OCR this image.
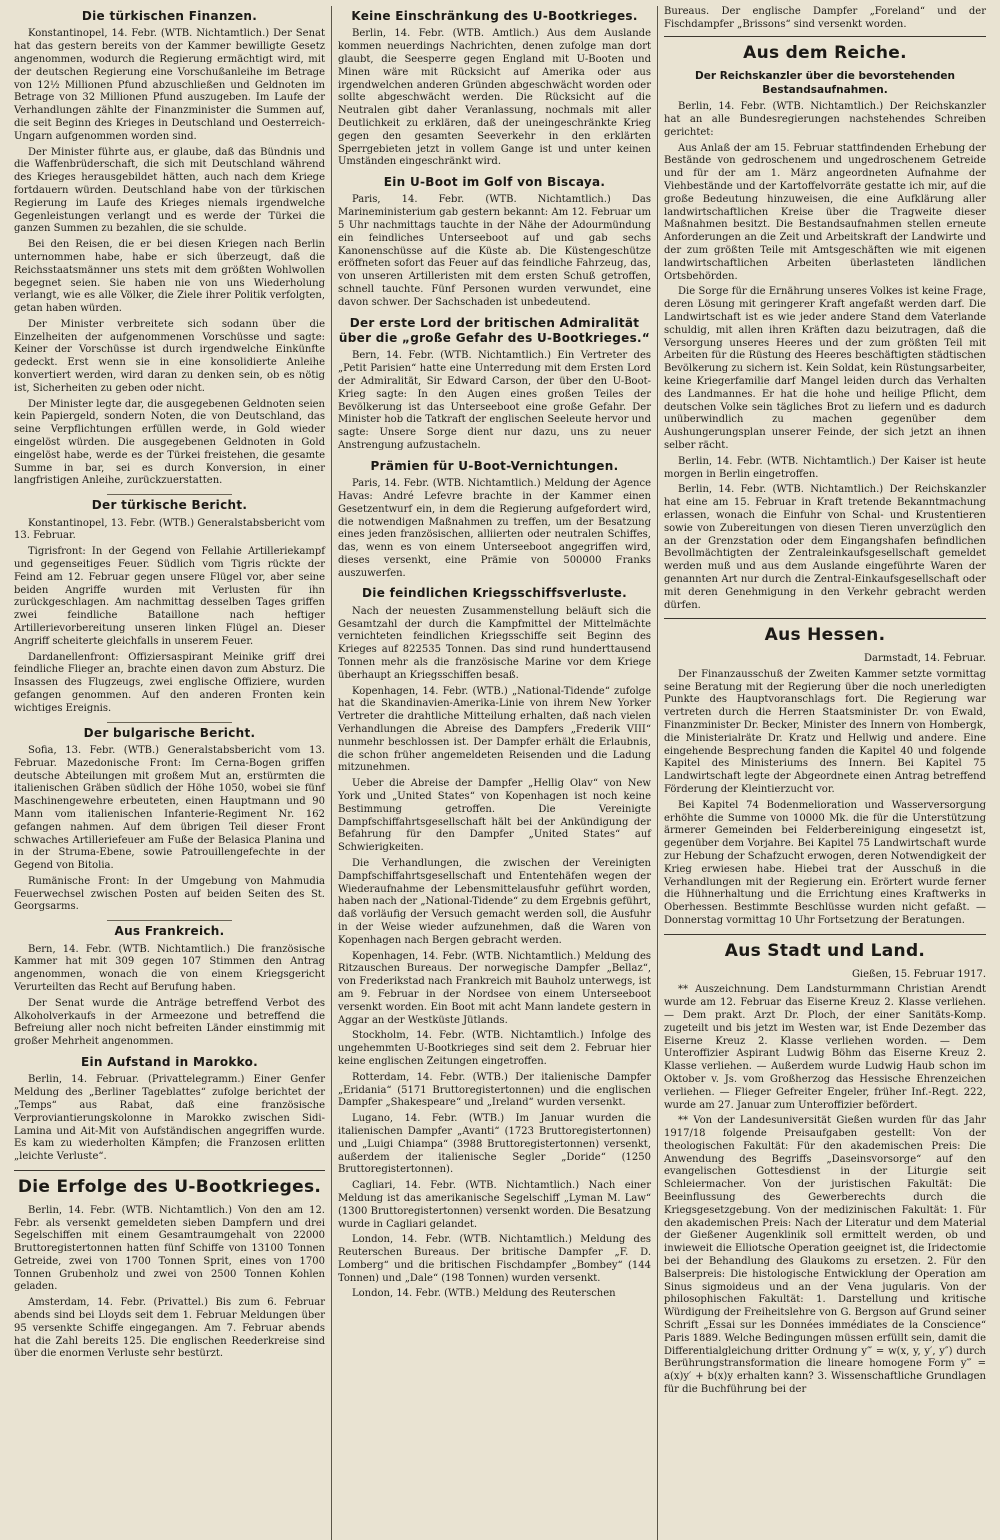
Die türkischen Finanzen.

Konstantinopel, 14. Febr. (WTB. Nichtamtlich.) Der Senat hat das gestern bereits von der Kammer bewilligte Gesetz angenommen, wodurch die Regierung ermächtigt wird, mit der deutschen Regierung eine Vorschußanleihe im Betrage von 12½ Millionen Pfund abzuschließen und Geldnoten im Betrage von 32 Millionen Pfund auszugeben. Im Laufe der Verhandlungen zählte der Finanzminister die Summen auf, die seit Beginn des Krieges in Deutschland und Oesterreich-Ungarn aufgenommen worden sind.

Der Minister führte aus, er glaube, daß das Bündnis und die Waffenbrüderschaft, die sich mit Deutschland während des Krieges herausgebildet hätten, auch nach dem Kriege fortdauern würden. Deutschland habe von der türkischen Regierung im Laufe des Krieges niemals irgendwelche Gegenleistungen verlangt und es werde der Türkei die ganzen Summen zu bezahlen, die sie schulde.

Bei den Reisen, die er bei diesen Kriegen nach Berlin unternommen habe, habe er sich überzeugt, daß die Reichsstaatsmänner uns stets mit dem größten Wohlwollen begegnet seien. Sie haben nie von uns Wiederholung verlangt, wie es alle Völker, die Ziele ihrer Politik verfolgten, getan haben würden.

Der Minister verbreitete sich sodann über die Einzelheiten der aufgenommenen Vorschüsse und sagte: Keiner der Vorschüsse ist durch irgendwelche Einkünfte gedeckt. Erst wenn sie in eine konsolidierte Anleihe konvertiert werden, wird daran zu denken sein, ob es nötig ist, Sicherheiten zu geben oder nicht.

Der Minister legte dar, die ausgegebenen Geldnoten seien kein Papiergeld, sondern Noten, die von Deutschland, das seine Verpflichtungen erfüllen werde, in Gold wieder eingelöst würden. Die ausgegebenen Geldnoten in Gold eingelöst habe, werde es der Türkei freistehen, die gesamte Summe in bar, sei es durch Konversion, in einer langfristigen Anleihe, zurückzuerstatten.

Der türkische Bericht.

Konstantinopel, 13. Febr. (WTB.) Generalstabsbericht vom 13. Februar.

Tigrisfront: In der Gegend von Fellahie Artilleriekampf und gegenseitiges Feuer. Südlich vom Tigris rückte der Feind am 12. Februar gegen unsere Flügel vor, aber seine beiden Angriffe wurden mit Verlusten für ihn zurückgeschlagen. Am nachmittag desselben Tages griffen zwei feindliche Bataillone nach heftiger Artillerievorbereitung unseren linken Flügel an. Dieser Angriff scheiterte gleichfalls in unserem Feuer.

Dardanellenfront: Offiziersaspirant Meinike griff drei feindliche Flieger an, brachte einen davon zum Absturz. Die Insassen des Flugzeugs, zwei englische Offiziere, wurden gefangen genommen. Auf den anderen Fronten kein wichtiges Ereignis.

Der bulgarische Bericht.

Sofia, 13. Febr. (WTB.) Generalstabsbericht vom 13. Februar. Mazedonische Front: Im Cerna-Bogen griffen deutsche Abteilungen mit großem Mut an, erstürmten die italienischen Gräben südlich der Höhe 1050, wobei sie fünf Maschinengewehre erbeuteten, einen Hauptmann und 90 Mann vom italienischen Infanterie-Regiment Nr. 162 gefangen nahmen. Auf dem übrigen Teil dieser Front schwaches Artilleriefeuer am Fuße der Belasica Planina und in der Struma-Ebene, sowie Patrouillengefechte in der Gegend von Bitolia.

Rumänische Front: In der Umgebung von Mahmudia Feuerwechsel zwischen Posten auf beiden Seiten des St. Georgsarms.

Aus Frankreich.

Bern, 14. Febr. (WTB. Nichtamtlich.) Die französische Kammer hat mit 309 gegen 107 Stimmen den Antrag angenommen, wonach die von einem Kriegsgericht Verurteilten das Recht auf Berufung haben.

Der Senat wurde die Anträge betreffend Verbot des Alkoholverkaufs in der Armeezone und betreffend die Befreiung aller noch nicht befreiten Länder einstimmig mit großer Mehrheit angenommen.

Ein Aufstand in Marokko.

Berlin, 14. Februar. (Privattelegramm.) Einer Genfer Meldung des „Berliner Tageblattes“ zufolge berichtet der „Temps“ aus Rabat, daß eine französische Verproviantierungskolonne in Marokko zwischen Sidi-Lamina und Ait-Mit von Aufständischen angegriffen wurde. Es kam zu wiederholten Kämpfen; die Franzosen erlitten „leichte Verluste“.

Die Erfolge des U-Bootkrieges.

Berlin, 14. Febr. (WTB. Nichtamtlich.) Von den am 12. Febr. als versenkt gemeldeten sieben Dampfern und drei Segelschiffen mit einem Gesamtraumgehalt von 22000 Bruttoregistertonnen hatten fünf Schiffe von 13100 Tonnen Getreide, zwei von 1700 Tonnen Sprit, eines von 1700 Tonnen Grubenholz und zwei von 2500 Tonnen Kohlen geladen.

Amsterdam, 14. Febr. (Privattel.) Bis zum 6. Februar abends sind bei Lloyds seit dem 1. Februar Meldungen über 95 versenkte Schiffe eingegangen. Am 7. Februar abends hat die Zahl bereits 125. Die englischen Reederkreise sind über die enormen Verluste sehr bestürzt.

Keine Einschränkung des U-Bootkrieges.

Berlin, 14. Febr. (WTB. Amtlich.) Aus dem Auslande kommen neuerdings Nachrichten, denen zufolge man dort glaubt, die Seesperre gegen England mit U-Booten und Minen wäre mit Rücksicht auf Amerika oder aus irgendwelchen anderen Gründen abgeschwächt worden oder sollte abgeschwächt werden. Die Rücksicht auf die Neutralen gibt daher Veranlassung, nochmals mit aller Deutlichkeit zu erklären, daß der uneingeschränkte Krieg gegen den gesamten Seeverkehr in den erklärten Sperrgebieten jetzt in vollem Gange ist und unter keinen Umständen eingeschränkt wird.

Ein U-Boot im Golf von Biscaya.

Paris, 14. Febr. (WTB. Nichtamtlich.) Das Marineministerium gab gestern bekannt: Am 12. Februar um 5 Uhr nachmittags tauchte in der Nähe der Adourmündung ein feindliches Unterseeboot auf und gab sechs Kanonenschüsse auf die Küste ab. Die Küstengeschütze eröffneten sofort das Feuer auf das feindliche Fahrzeug, das, von unseren Artilleristen mit dem ersten Schuß getroffen, schnell tauchte. Fünf Personen wurden verwundet, eine davon schwer. Der Sachschaden ist unbedeutend.

Der erste Lord der britischen Admiralität über die „große Gefahr des U-Bootkrieges.“

Bern, 14. Febr. (WTB. Nichtamtlich.) Ein Vertreter des „Petit Parisien“ hatte eine Unterredung mit dem Ersten Lord der Admiralität, Sir Edward Carson, der über den U-Boot-Krieg sagte: In den Augen eines großen Teiles der Bevölkerung ist das Unterseeboot eine große Gefahr. Der Minister hob die Tatkraft der englischen Seeleute hervor und sagte: Unsere Sorge dient nur dazu, uns zu neuer Anstrengung aufzustacheln.

Prämien für U-Boot-Vernichtungen.

Paris, 14. Febr. (WTB. Nichtamtlich.) Meldung der Agence Havas: André Lefevre brachte in der Kammer einen Gesetzentwurf ein, in dem die Regierung aufgefordert wird, die notwendigen Maßnahmen zu treffen, um der Besatzung eines jeden französischen, alliierten oder neutralen Schiffes, das, wenn es von einem Unterseeboot angegriffen wird, dieses versenkt, eine Prämie von 500000 Franks auszuwerfen.

Die feindlichen Kriegsschiffsverluste.

Nach der neuesten Zusammenstellung beläuft sich die Gesamtzahl der durch die Kampfmittel der Mittelmächte vernichteten feindlichen Kriegsschiffe seit Beginn des Krieges auf 822535 Tonnen. Das sind rund hunderttausend Tonnen mehr als die französische Marine vor dem Kriege überhaupt an Kriegsschiffen besaß.

Kopenhagen, 14. Febr. (WTB.) „National-Tidende“ zufolge hat die Skandinavien-Amerika-Linie von ihrem New Yorker Vertreter die drahtliche Mitteilung erhalten, daß nach vielen Verhandlungen die Abreise des Dampfers „Frederik VIII“ nunmehr beschlossen ist. Der Dampfer erhält die Erlaubnis, die schon früher angemeldeten Reisenden und die Ladung mitzunehmen.

Ueber die Abreise der Dampfer „Hellig Olav“ von New York und „United States“ von Kopenhagen ist noch keine Bestimmung getroffen. Die Vereinigte Dampfschiffahrtsgesellschaft hält bei der Ankündigung der Befahrung für den Dampfer „United States“ auf Schwierigkeiten.

Die Verhandlungen, die zwischen der Vereinigten Dampfschiffahrtsgesellschaft und Ententehäfen wegen der Wiederaufnahme der Lebensmittelausfuhr geführt worden, haben nach der „National-Tidende“ zu dem Ergebnis geführt, daß vorläufig der Versuch gemacht werden soll, die Ausfuhr in der Weise wieder aufzunehmen, daß die Waren von Kopenhagen nach Bergen gebracht werden.

Kopenhagen, 14. Febr. (WTB. Nichtamtlich.) Meldung des Ritzauschen Bureaus. Der norwegische Dampfer „Bellaz“, von Frederikstad nach Frankreich mit Bauholz unterwegs, ist am 9. Februar in der Nordsee von einem Unterseeboot versenkt worden. Ein Boot mit acht Mann landete gestern in Aggar an der Westküste Jütlands.

Stockholm, 14. Febr. (WTB. Nichtamtlich.) Infolge des ungehemmten U-Bootkrieges sind seit dem 2. Februar hier keine englischen Zeitungen eingetroffen.

Rotterdam, 14. Febr. (WTB.) Der italienische Dampfer „Eridania“ (5171 Bruttoregistertonnen) und die englischen Dampfer „Shakespeare“ und „Ireland“ wurden versenkt.

Lugano, 14. Febr. (WTB.) Im Januar wurden die italienischen Dampfer „Avanti“ (1723 Bruttoregistertonnen) und „Luigi Chiampa“ (3988 Bruttoregistertonnen) versenkt, außerdem der italienische Segler „Doride“ (1250 Bruttoregistertonnen).

Cagliari, 14. Febr. (WTB. Nichtamtlich.) Nach einer Meldung ist das amerikanische Segelschiff „Lyman M. Law“ (1300 Bruttoregistertonnen) versenkt worden. Die Besatzung wurde in Cagliari gelandet.

London, 14. Febr. (WTB. Nichtamtlich.) Meldung des Reuterschen Bureaus. Der britische Dampfer „F. D. Lomberg“ und die britischen Fischdampfer „Bombey“ (144 Tonnen) und „Dale“ (198 Tonnen) wurden versenkt.

London, 14. Febr. (WTB.) Meldung des Reuterschen

Bureaus. Der englische Dampfer „Foreland“ und der Fischdampfer „Brissons“ sind versenkt worden.

Aus dem Reiche.
Der Reichskanzler über die bevorstehenden Bestandsaufnahmen.

Berlin, 14. Febr. (WTB. Nichtamtlich.) Der Reichskanzler hat an alle Bundesregierungen nachstehendes Schreiben gerichtet:

Aus Anlaß der am 15. Februar stattfindenden Erhebung der Bestände von gedroschenem und ungedroschenem Getreide und für der am 1. März angeordneten Aufnahme der Viehbestände und der Kartoffelvorräte gestatte ich mir, auf die große Bedeutung hinzuweisen, die eine Aufklärung aller landwirtschaftlichen Kreise über die Tragweite dieser Maßnahmen besitzt. Die Bestandsaufnahmen stellen erneute Anforderungen an die Zeit und Arbeitskraft der Landwirte und der zum größten Teile mit Amtsgeschäften wie mit eigenen landwirtschaftlichen Arbeiten überlasteten ländlichen Ortsbehörden.

Die Sorge für die Ernährung unseres Volkes ist keine Frage, deren Lösung mit geringerer Kraft angefaßt werden darf. Die Landwirtschaft ist es wie jeder andere Stand dem Vaterlande schuldig, mit allen ihren Kräften dazu beizutragen, daß die Versorgung unseres Heeres und der zum größten Teil mit Arbeiten für die Rüstung des Heeres beschäftigten städtischen Bevölkerung zu sichern ist. Kein Soldat, kein Rüstungsarbeiter, keine Kriegerfamilie darf Mangel leiden durch das Verhalten des Landmannes. Er hat die hohe und heilige Pflicht, dem deutschen Volke sein tägliches Brot zu liefern und es dadurch unüberwindlich zu machen gegenüber dem Aushungerungsplan unserer Feinde, der sich jetzt an ihnen selber rächt.

Berlin, 14. Febr. (WTB. Nichtamtlich.) Der Kaiser ist heute morgen in Berlin eingetroffen.

Berlin, 14. Febr. (WTB. Nichtamtlich.) Der Reichskanzler hat eine am 15. Februar in Kraft tretende Bekanntmachung erlassen, wonach die Einfuhr von Schal- und Krustentieren sowie von Zubereitungen von diesen Tieren unverzüglich den an der Grenzstation oder dem Eingangshafen befindlichen Bevollmächtigten der Zentraleinkaufsgesellschaft gemeldet werden muß und aus dem Auslande eingeführte Waren der genannten Art nur durch die Zentral-Einkaufsgesellschaft oder mit deren Genehmigung in den Verkehr gebracht werden dürfen.

Aus Hessen.

Darmstadt, 14. Februar.

Der Finanzausschuß der Zweiten Kammer setzte vormittag seine Beratung mit der Regierung über die noch unerledigten Punkte des Hauptvoranschlags fort. Die Regierung war vertreten durch die Herren Staatsminister Dr. von Ewald, Finanzminister Dr. Becker, Minister des Innern von Hombergk, die Ministerialräte Dr. Kratz und Hellwig und andere. Eine eingehende Besprechung fanden die Kapitel 40 und folgende Kapitel des Ministeriums des Innern. Bei Kapitel 75 Landwirtschaft legte der Abgeordnete einen Antrag betreffend Förderung der Kleintierzucht vor.

Bei Kapitel 74 Bodenmelioration und Wasserversorgung erhöhte die Summe von 10000 Mk. die für die Unterstützung ärmerer Gemeinden bei Felderbereinigung eingesetzt ist, gegenüber dem Vorjahre. Bei Kapitel 75 Landwirtschaft wurde zur Hebung der Schafzucht erwogen, deren Notwendigkeit der Krieg erwiesen habe. Hiebei trat der Ausschuß in die Verhandlungen mit der Regierung ein. Erörtert wurde ferner die Hühnerhaltung und die Errichtung eines Kraftwerks in Oberhessen. Bestimmte Beschlüsse wurden nicht gefaßt. — Donnerstag vormittag 10 Uhr Fortsetzung der Beratungen.

Aus Stadt und Land.

Gießen, 15. Februar 1917.

** Auszeichnung. Dem Landsturmmann Christian Arendt wurde am 12. Februar das Eiserne Kreuz 2. Klasse verliehen. — Dem prakt. Arzt Dr. Ploch, der einer Sanitäts-Komp. zugeteilt und bis jetzt im Westen war, ist Ende Dezember das Eiserne Kreuz 2. Klasse verliehen worden. — Dem Unteroffizier Aspirant Ludwig Böhm das Eiserne Kreuz 2. Klasse verliehen. — Außerdem wurde Ludwig Haub schon im Oktober v. Js. vom Großherzog das Hessische Ehrenzeichen verliehen. — Flieger Gefreiter Engeler, früher Inf.-Regt. 222, wurde am 27. Januar zum Unteroffizier befördert.

** Von der Landesuniversität Gießen wurden für das Jahr 1917/18 folgende Preisaufgaben gestellt: Von der theologischen Fakultät: Für den akademischen Preis: Die Anwendung des Begriffs „Daseinsvorsorge“ auf den evangelischen Gottesdienst in der Liturgie seit Schleiermacher. Von der juristischen Fakultät: Die Beeinflussung des Gewerberechts durch die Kriegsgesetzgebung. Von der medizinischen Fakultät: 1. Für den akademischen Preis: Nach der Literatur und dem Material der Gießener Augenklinik soll ermittelt werden, ob und inwieweit die Elliotsche Operation geeignet ist, die Iridectomie bei der Behandlung des Glaukoms zu ersetzen. 2. Für den Balserpreis: Die histologische Entwicklung der Operation am Sinus sigmoideus und an der Vena jugularis. Von der philosophischen Fakultät: 1. Darstellung und kritische Würdigung der Freiheitslehre von G. Bergson auf Grund seiner Schrift „Essai sur les Données immédiates de la Conscience“ Paris 1889. Welche Bedingungen müssen erfüllt sein, damit die Differentialgleichung dritter Ordnung y‴ = w(x, y, y′, y″) durch Berührungstransformation die lineare homogene Form y‴ = a(x)y′ + b(x)y erhalten kann? 3. Wissenschaftliche Grundlagen für die Buchführung bei der
